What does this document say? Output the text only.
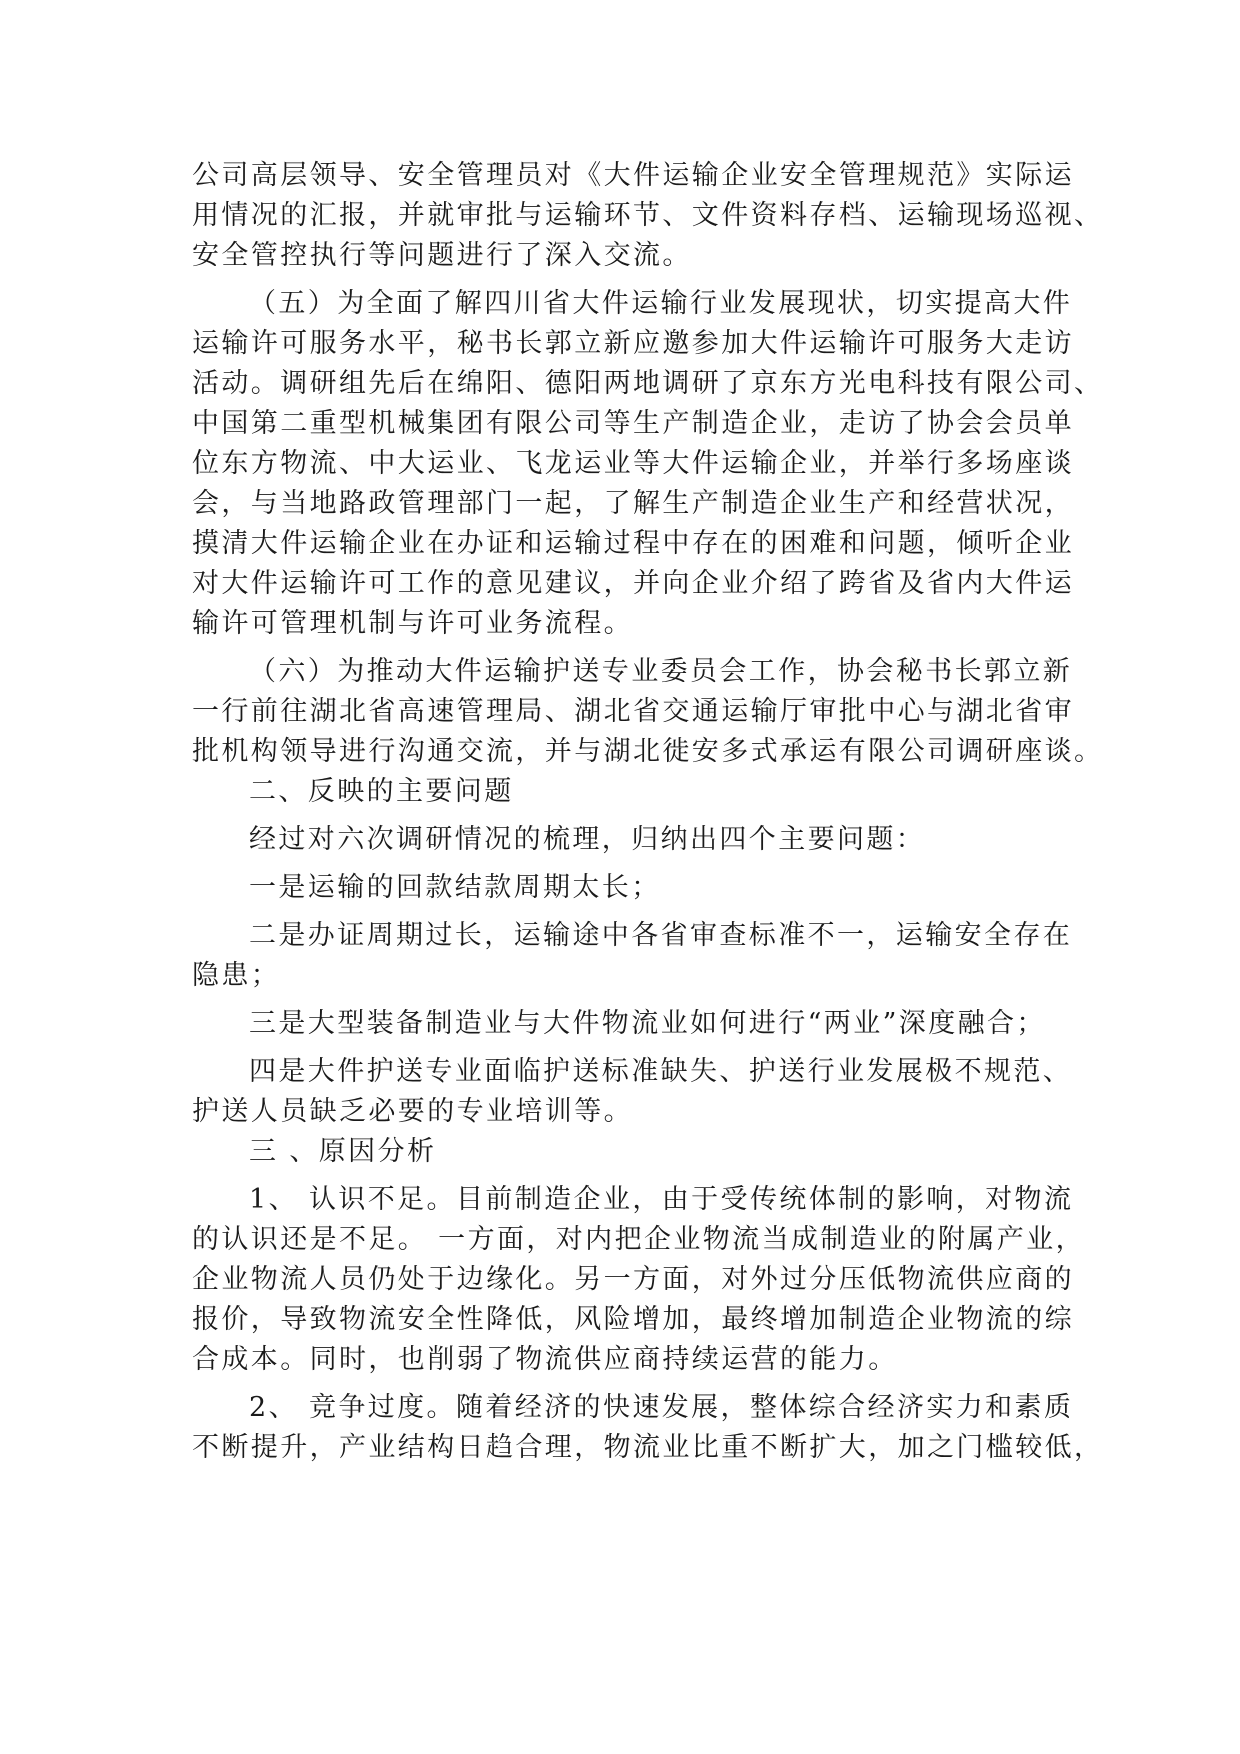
公司高层领导、安全管理员对《大件运输企业安全管理规范》实际运
用情况的汇报，并就审批与运输环节、文件资料存档、运输现场巡视、
安全管控执行等问题进行了深入交流。
（五）为全面了解四川省大件运输行业发展现状，切实提高大件
运输许可服务水平，秘书长郭立新应邀参加大件运输许可服务大走访
活动。调研组先后在绵阳、德阳两地调研了京东方光电科技有限公司、
中国第二重型机械集团有限公司等生产制造企业，走访了协会会员单
位东方物流、中大运业、飞龙运业等大件运输企业，并举行多场座谈
会，与当地路政管理部门一起，了解生产制造企业生产和经营状况，
摸清大件运输企业在办证和运输过程中存在的困难和问题，倾听企业
对大件运输许可工作的意见建议，并向企业介绍了跨省及省内大件运
输许可管理机制与许可业务流程。
（六）为推动大件运输护送专业委员会工作，协会秘书长郭立新
一行前往湖北省高速管理局、湖北省交通运输厅审批中心与湖北省审
批机构领导进行沟通交流，并与湖北徙安多式承运有限公司调研座谈。
二、反映的主要问题
经过对六次调研情况的梳理，归纳出四个主要问题：
一是运输的回款结款周期太长；
二是办证周期过长，运输途中各省审查标准不一，运输安全存在
隐患；
三是大型装备制造业与大件物流业如何进行“两业”深度融合；
四是大件护送专业面临护送标准缺失、护送行业发展极不规范、
护送人员缺乏必要的专业培训等。
三 、原因分析
1、 认识不足。目前制造企业，由于受传统体制的影响，对物流
的认识还是不足。 一方面，对内把企业物流当成制造业的附属产业，
企业物流人员仍处于边缘化。另一方面，对外过分压低物流供应商的
报价，导致物流安全性降低，风险增加，最终增加制造企业物流的综
合成本。同时，也削弱了物流供应商持续运营的能力。
2、 竞争过度。随着经济的快速发展，整体综合经济实力和素质
不断提升，产业结构日趋合理，物流业比重不断扩大，加之门槛较低，
